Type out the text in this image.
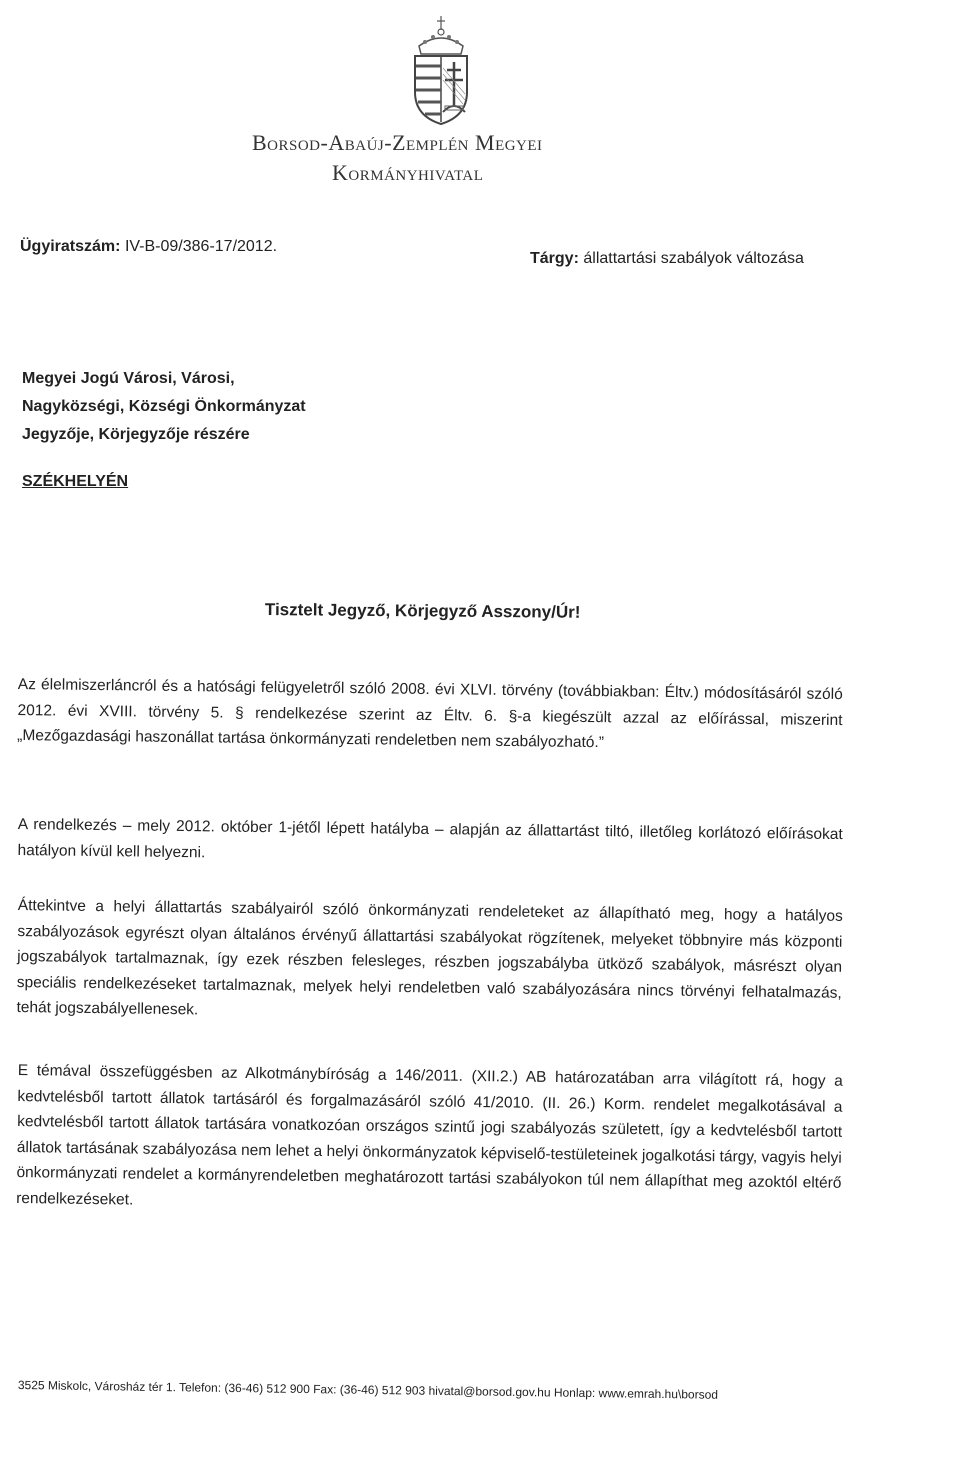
Borsod-Abaúj-Zemplén Megyei
Kormányhivatal
Ügyiratszám: IV-B-09/386-17/2012.
Tárgy: állattartási szabályok változása
Megyei Jogú Városi, Városi,
Nagyközségi, Községi Önkormányzat
Jegyzője, Körjegyzője részére
SZÉKHELYÉN
Tisztelt Jegyző, Körjegyző Asszony/Úr!
Az élelmiszerláncról és a hatósági felügyeletről szóló 2008. évi XLVI. törvény (továbbiakban: Éltv.) módosításáról szóló 2012. évi XVIII. törvény 5. § rendelkezése szerint az Éltv. 6. §-a kiegészült azzal az előírással, miszerint „Mezőgazdasági haszonállat tartása önkormányzati rendeletben nem szabályozható.”
A rendelkezés – mely 2012. október 1-jétől lépett hatályba – alapján az állattartást tiltó, illetőleg korlátozó előírásokat hatályon kívül kell helyezni.
Áttekintve a helyi állattartás szabályairól szóló önkormányzati rendeleteket az állapítható meg, hogy a hatályos szabályozások egyrészt olyan általános érvényű állattartási szabályokat rögzítenek, melyeket többnyire más központi jogszabályok tartalmaznak, így ezek részben felesleges, részben jogszabályba ütköző szabályok, másrészt olyan speciális rendelkezéseket tartalmaznak, melyek helyi rendeletben való szabályozására nincs törvényi felhatalmazás, tehát jogszabályellenesek.
E témával összefüggésben az Alkotmánybíróság a 146/2011. (XII.2.) AB határozatában arra világított rá, hogy a kedvtelésből tartott állatok tartásáról és forgalmazásáról szóló 41/2010. (II. 26.) Korm. rendelet megalkotásával a kedvtelésből tartott állatok tartására vonatkozóan országos szintű jogi szabályozás született, így a kedvtelésből tartott állatok tartásának szabályozása nem lehet a helyi önkormányzatok képviselő-testületeinek jogalkotási tárgy, vagyis helyi önkormányzati rendelet a kormányrendeletben meghatározott tartási szabályokon túl nem állapíthat meg azoktól eltérő rendelkezéseket.
3525 Miskolc, Városház tér 1. Telefon: (36-46) 512 900 Fax: (36-46) 512 903 hivatal@borsod.gov.hu Honlap: www.emrah.hu\borsod
